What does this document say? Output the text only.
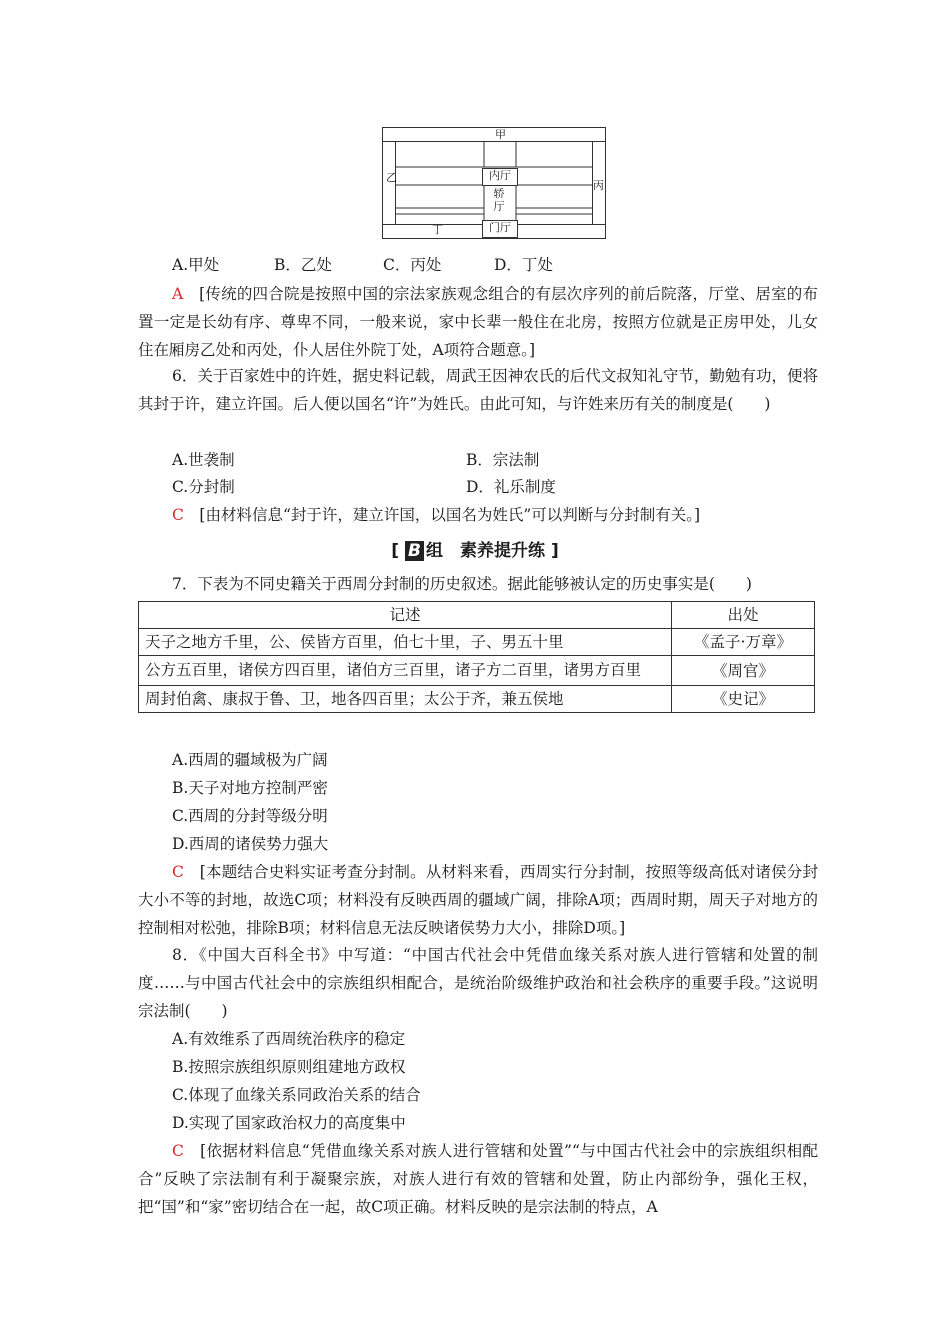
甲
乙
丙
丁
内厅
轿
厅
门厅
A.甲处	B．乙处	C．丙处	D．丁处
A　 [传统的四合院是按照中国的宗法家族观念组合的有层次序列的前后院落，厅堂、居室的布置一定是长幼有序、尊卑不同，一般来说，家中长辈一般住在北房，按照方位就是正房甲处，儿女住在厢房乙处和丙处，仆人居住外院丁处，A项符合题意。]
6．关于百家姓中的许姓，据史料记载，周武王因神农氏的后代文叔知礼守节，勤勉有功，便将其封于许，建立许国。后人便以国名“许”为姓氏。由此可知，与许姓来历有关的制度是(　　)
A.世袭制	B．宗法制
C.分封制	D．礼乐制度
C　 [由材料信息“封于许，建立许国，以国名为姓氏”可以判断与分封制有关。]
[ B 组　素养提升练 ]
7．下表为不同史籍关于西周分封制的历史叙述。据此能够被认定的历史事实是(　　)
记述	出处
天子之地方千里，公、侯皆方百里，伯七十里，子、男五十里	《孟子·万章》
公方五百里，诸侯方四百里，诸伯方三百里，诸子方二百里，诸男方百里	《周官》
周封伯禽、康叔于鲁、卫，地各四百里；太公于齐，兼五侯地	《史记》
A.西周的疆域极为广阔
B.天子对地方控制严密
C.西周的分封等级分明
D.西周的诸侯势力强大
C　 [本题结合史料实证考查分封制。从材料来看，西周实行分封制，按照等级高低对诸侯分封大小不等的封地，故选C项；材料没有反映西周的疆域广阔，排除A项；西周时期，周天子对地方的控制相对松弛，排除B项；材料信息无法反映诸侯势力大小，排除D项。]
8．《中国大百科全书》中写道：“中国古代社会中凭借血缘关系对族人进行管辖和处置的制度……与中国古代社会中的宗族组织相配合，是统治阶级维护政治和社会秩序的重要手段。”这说明宗法制(　　)
A.有效维系了西周统治秩序的稳定
B.按照宗族组织原则组建地方政权
C.体现了血缘关系同政治关系的结合
D.实现了国家政治权力的高度集中
C　 [依据材料信息“凭借血缘关系对族人进行管辖和处置”“与中国古代社会中的宗族组织相配合”反映了宗法制有利于凝聚宗族，对族人进行有效的管辖和处置，防止内部纷争，强化王权，把“国”和“家”密切结合在一起，故C项正确。材料反映的是宗法制的特点，A
